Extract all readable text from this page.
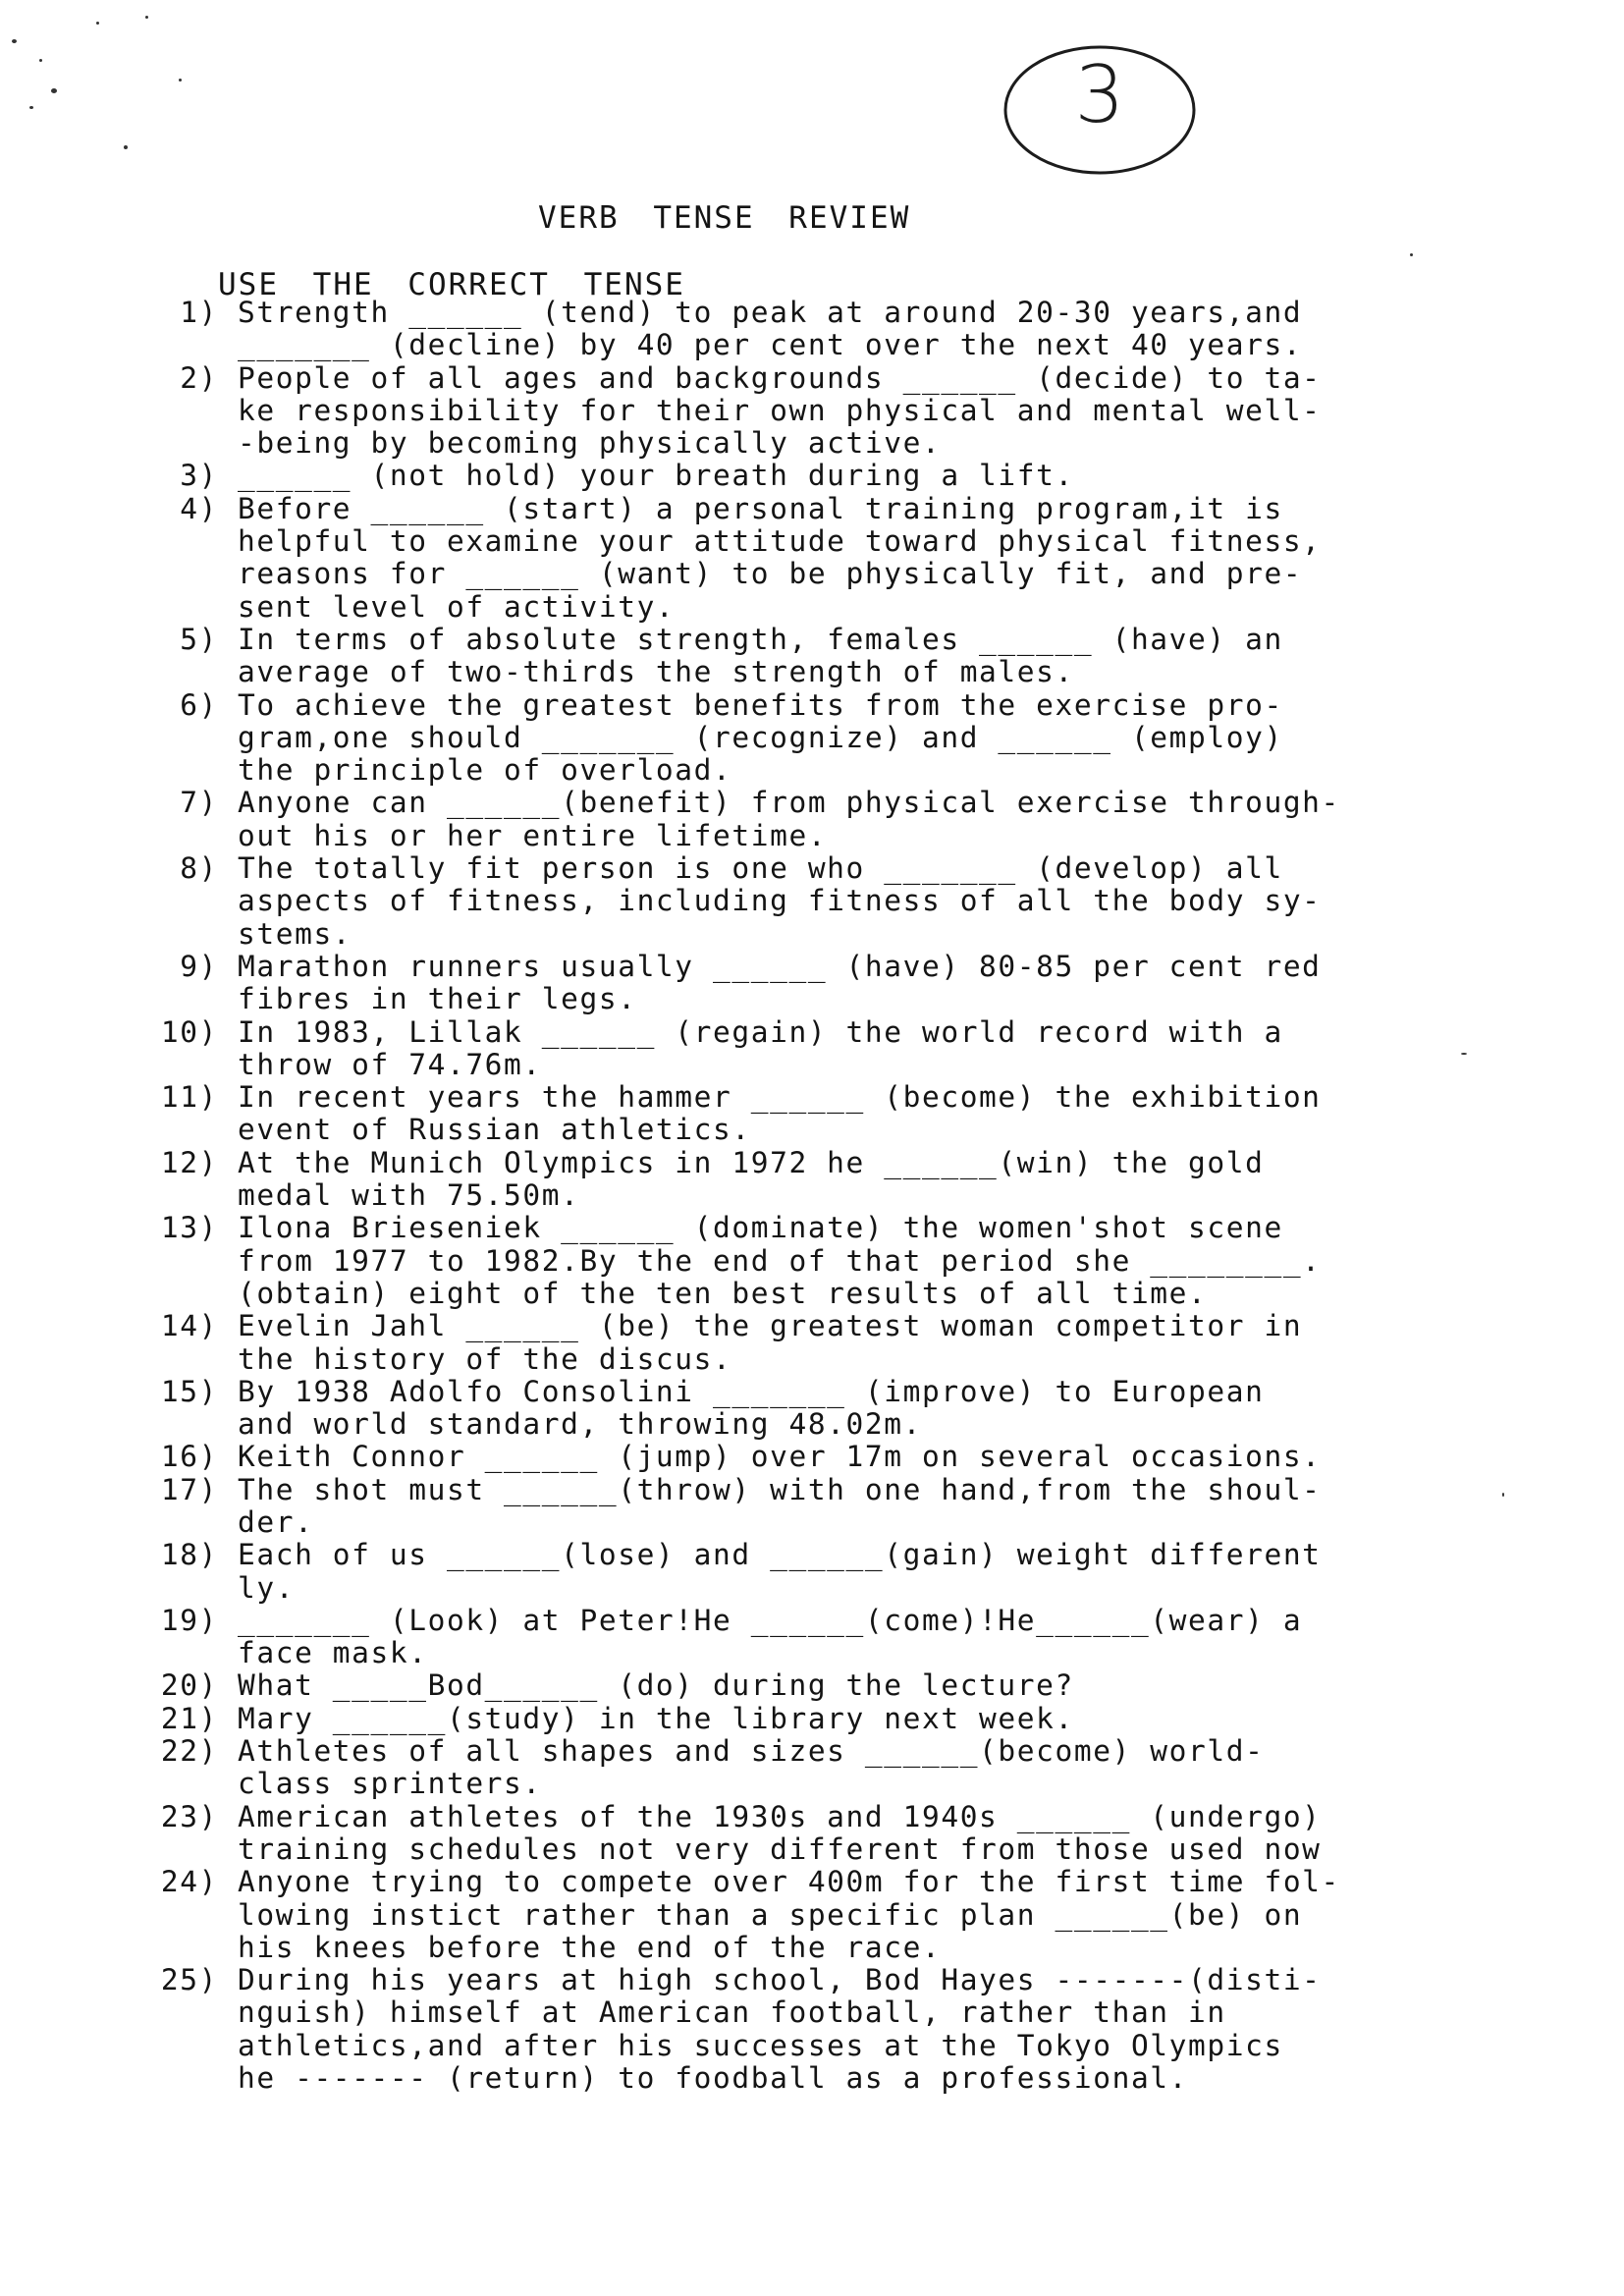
3
VERB TENSE REVIEW
USE THE CORRECT TENSE
1) Strength ______ (tend) to peak at around 20-30 years,and
_______ (decline) by 40 per cent over the next 40 years.
2) People of all ages and backgrounds ______ (decide) to ta-
ke responsibility for their own physical and mental well-
-being by becoming physically active.
3) ______ (not hold) your breath during a lift.
4) Before ______ (start) a personal training program,it is
helpful to examine your attitude toward physical fitness,
reasons for ______ (want) to be physically fit, and pre-
sent level of activity.
5) In terms of absolute strength, females ______ (have) an
average of two-thirds the strength of males.
6) To achieve the greatest benefits from the exercise pro-
gram,one should _______ (recognize) and ______ (employ)
the principle of overload.
7) Anyone can ______(benefit) from physical exercise through-
out his or her entire lifetime.
8) The totally fit person is one who _______ (develop) all
aspects of fitness, including fitness of all the body sy-
stems.
9) Marathon runners usually ______ (have) 80-85 per cent red
fibres in their legs.
10) In 1983, Lillak ______ (regain) the world record with a
throw of 74.76m.
11) In recent years the hammer ______ (become) the exhibition
event of Russian athletics.
12) At the Munich Olympics in 1972 he ______(win) the gold
medal with 75.50m.
13) Ilona Brieseniek ______ (dominate) the women'shot scene
from 1977 to 1982.By the end of that period she ________.
(obtain) eight of the ten best results of all time.
14) Evelin Jahl ______ (be) the greatest woman competitor in
the history of the discus.
15) By 1938 Adolfo Consolini _______ (improve) to European
and world standard, throwing 48.02m.
16) Keith Connor ______ (jump) over 17m on several occasions.
17) The shot must ______(throw) with one hand,from the shoul-
der.
18) Each of us ______(lose) and ______(gain) weight different
ly.
19) _______ (Look) at Peter!He ______(come)!He______(wear) a
face mask.
20) What _____Bod______ (do) during the lecture?
21) Mary ______(study) in the library next week.
22) Athletes of all shapes and sizes ______(become) world-
class sprinters.
23) American athletes of the 1930s and 1940s ______ (undergo)
training schedules not very different from those used now
24) Anyone trying to compete over 400m for the first time fol-
lowing instict rather than a specific plan ______(be) on
his knees before the end of the race.
25) During his years at high school, Bod Hayes -------(disti-
nguish) himself at American football, rather than in
athletics,and after his successes at the Tokyo Olympics
he ------- (return) to foodball as a professional.
